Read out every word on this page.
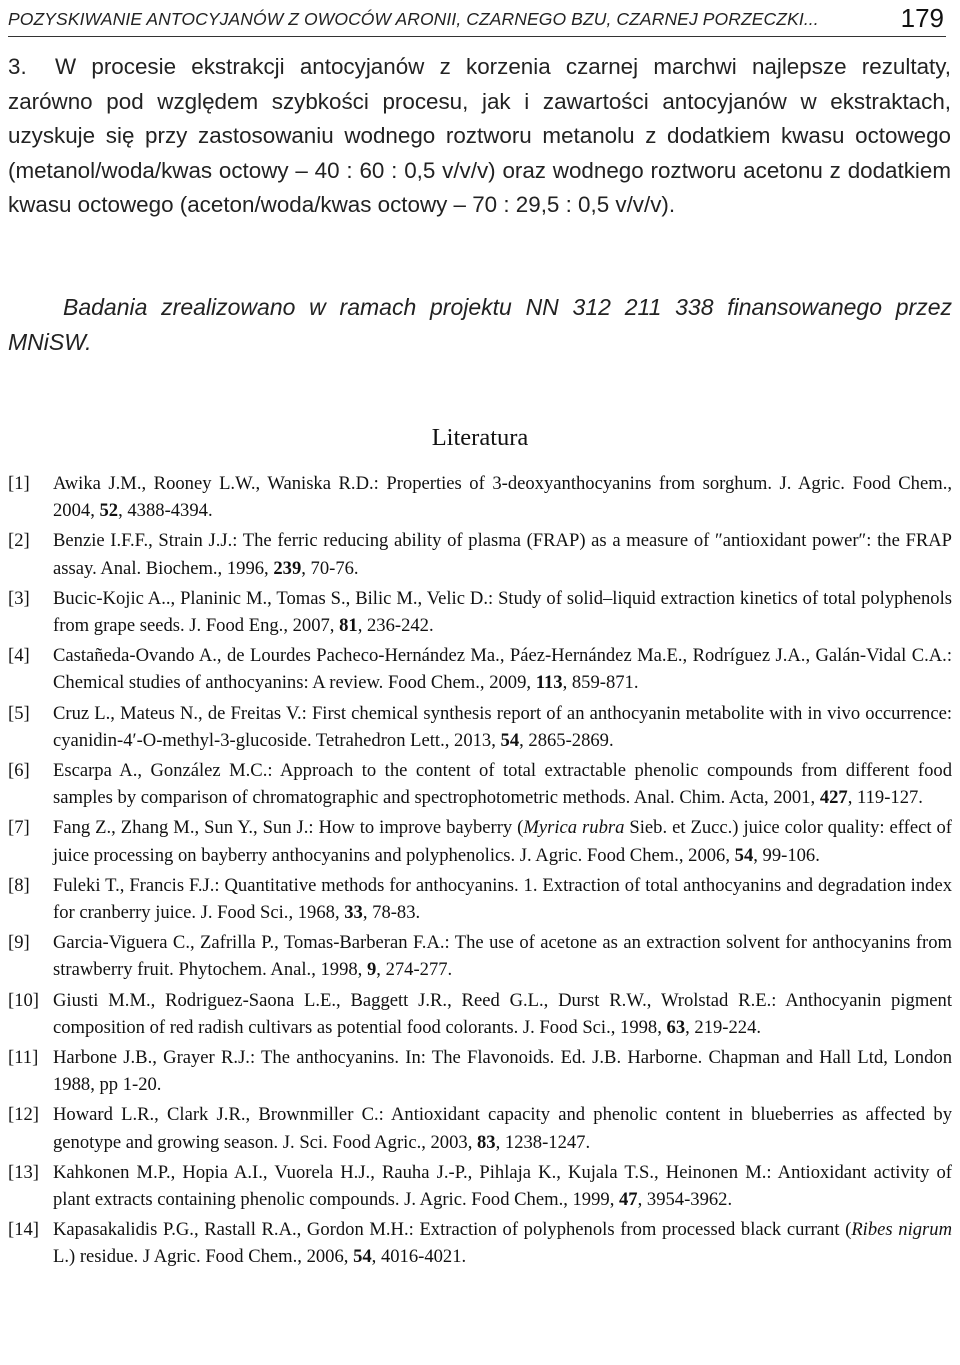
POZYSKIWANIE ANTOCYJANÓW Z OWOCÓW ARONII, CZARNEGO BZU, CZARNEJ PORZECZKI...	179

3. W procesie ekstrakcji antocyjanów z korzenia czarnej marchwi najlepsze rezultaty, zarówno pod względem szybkości procesu, jak i zawartości antocyjanów w ekstraktach, uzyskuje się przy zastosowaniu wodnego roztworu metanolu z dodatkiem kwasu octowego (metanol/woda/kwas octowy – 40 : 60 : 0,5 v/v/v) oraz wodnego roztworu acetonu z dodatkiem kwasu octowego (aceton/woda/kwas octowy – 70 : 29,5 : 0,5 v/v/v).

Badania zrealizowano w ramach projektu NN 312 211 338 finansowanego przez MNiSW.

Literatura
[1] Awika J.M., Rooney L.W., Waniska R.D.: Properties of 3-deoxyanthocyanins from sorghum. J. Agric. Food Chem., 2004, 52, 4388-4394.
[2] Benzie I.F.F., Strain J.J.: The ferric reducing ability of plasma (FRAP) as a measure of ″antioxidant power″: the FRAP assay. Anal. Biochem., 1996, 239, 70-76.
[3] Bucic-Kojic A.., Planinic M., Tomas S., Bilic M., Velic D.: Study of solid–liquid extraction kinetics of total polyphenols from grape seeds. J. Food Eng., 2007, 81, 236-242.
[4] Castañeda-Ovando A., de Lourdes Pacheco-Hernández Ma., Páez-Hernández Ma.E., Rodríguez J.A., Galán-Vidal C.A.: Chemical studies of anthocyanins: A review. Food Chem., 2009, 113, 859-871.
[5] Cruz L., Mateus N., de Freitas V.: First chemical synthesis report of an anthocyanin metabolite with in vivo occurrence: cyanidin-4′-O-methyl-3-glucoside. Tetrahedron Lett., 2013, 54, 2865-2869.
[6] Escarpa A., González M.C.: Approach to the content of total extractable phenolic compounds from different food samples by comparison of chromatographic and spectrophotometric methods. Anal. Chim. Acta, 2001, 427, 119-127.
[7] Fang Z., Zhang M., Sun Y., Sun J.: How to improve bayberry (Myrica rubra Sieb. et Zucc.) juice color quality: effect of juice processing on bayberry anthocyanins and polyphenolics. J. Agric. Food Chem., 2006, 54, 99-106.
[8] Fuleki T., Francis F.J.: Quantitative methods for anthocyanins. 1. Extraction of total anthocyanins and degradation index for cranberry juice. J. Food Sci., 1968, 33, 78-83.
[9] Garcia-Viguera C., Zafrilla P., Tomas-Barberan F.A.: The use of acetone as an extraction solvent for anthocyanins from strawberry fruit. Phytochem. Anal., 1998, 9, 274-277.
[10] Giusti M.M., Rodriguez-Saona L.E., Baggett J.R., Reed G.L., Durst R.W., Wrolstad R.E.: Anthocyanin pigment composition of red radish cultivars as potential food colorants. J. Food Sci., 1998, 63, 219-224.
[11] Harbone J.B., Grayer R.J.: The anthocyanins. In: The Flavonoids. Ed. J.B. Harborne. Chapman and Hall Ltd, London 1988, pp 1-20.
[12] Howard L.R., Clark J.R., Brownmiller C.: Antioxidant capacity and phenolic content in blueberries as affected by genotype and growing season. J. Sci. Food Agric., 2003, 83, 1238-1247.
[13] Kahkonen M.P., Hopia A.I., Vuorela H.J., Rauha J.-P., Pihlaja K., Kujala T.S., Heinonen M.: Antioxidant activity of plant extracts containing phenolic compounds. J. Agric. Food Chem., 1999, 47, 3954-3962.
[14] Kapasakalidis P.G., Rastall R.A., Gordon M.H.: Extraction of polyphenols from processed black currant (Ribes nigrum L.) residue. J Agric. Food Chem., 2006, 54, 4016-4021.
